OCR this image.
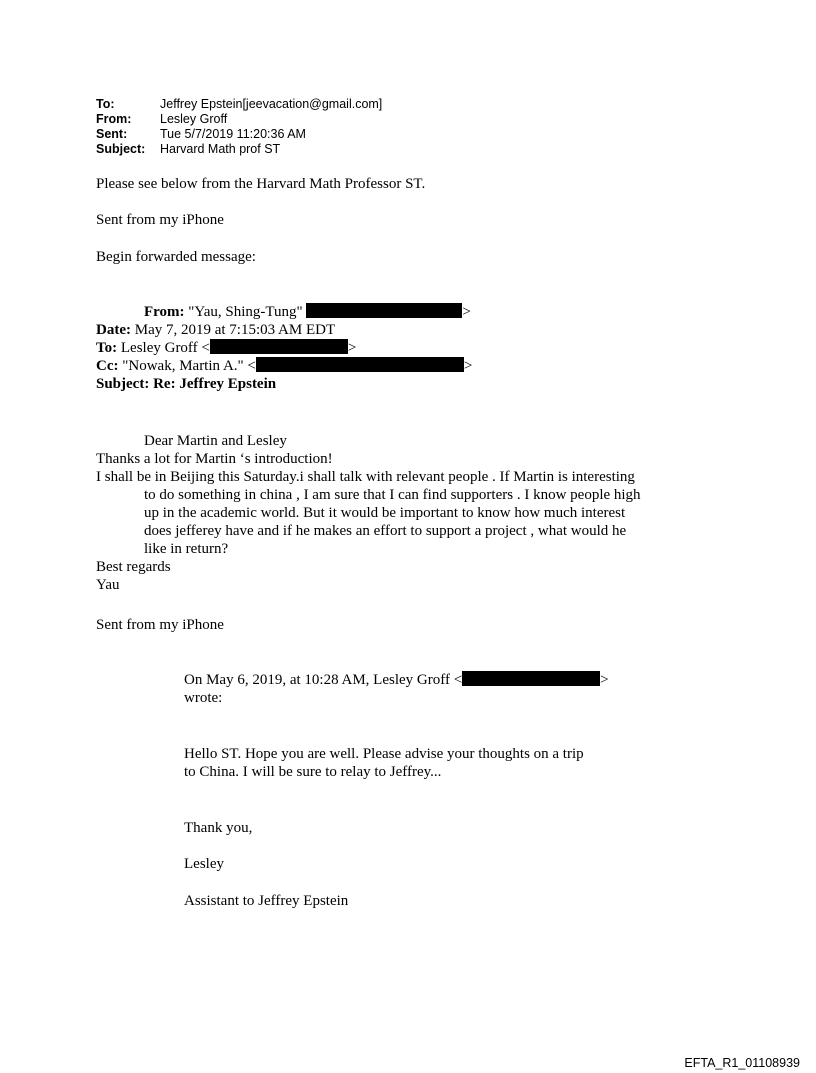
To:	Jeffrey Epstein[jeevacation@gmail.com]
From:	Lesley Groff
Sent:	Tue 5/7/2019 11:20:36 AM
Subject:	Harvard Math prof ST
Please see below from the Harvard Math Professor ST.
Sent from my iPhone
Begin forwarded message:
From: "Yau, Shing-Tung"	>
Date: May 7, 2019 at 7:15:03 AM EDT
To: Lesley Groff <	>
Cc: "Nowak, Martin A." <	>
Subject: Re: Jeffrey Epstein
Dear Martin and Lesley
Thanks a lot for Martin ‘s introduction!
I shall be in Beijing this Saturday.i shall talk with relevant people . If Martin is interesting
to do something in china , I am sure that I can find supporters . I know people high
up in the academic world. But it would be important to know how much interest
does jefferey have and if he makes an effort to support a project , what would he
like in return?
Best regards
Yau
Sent from my iPhone
On May 6, 2019, at 10:28 AM, Lesley Groff <	>
wrote:
Hello ST. Hope you are well. Please advise your thoughts on a trip
to China. I will be sure to relay to Jeffrey...
Thank you,
Lesley
Assistant to Jeffrey Epstein
EFTA_R1_01108939
